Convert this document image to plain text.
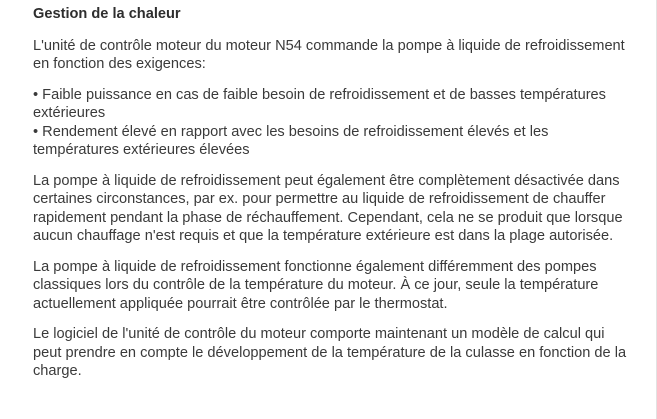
Gestion de la chaleur
L'unité de contrôle moteur du moteur N54 commande la pompe à liquide de refroidissement en fonction des exigences:
• Faible puissance en cas de faible besoin de refroidissement et de basses températures extérieures
• Rendement élevé en rapport avec les besoins de refroidissement élevés et les températures extérieures élevées
La pompe à liquide de refroidissement peut également être complètement désactivée dans certaines circonstances, par ex. pour permettre au liquide de refroidissement de chauffer rapidement pendant la phase de réchauffement. Cependant, cela ne se produit que lorsque aucun chauffage n'est requis et que la température extérieure est dans la plage autorisée.
La pompe à liquide de refroidissement fonctionne également différemment des pompes classiques lors du contrôle de la température du moteur. À ce jour, seule la température actuellement appliquée pourrait être contrôlée par le thermostat.
Le logiciel de l'unité de contrôle du moteur comporte maintenant un modèle de calcul qui peut prendre en compte le développement de la température de la culasse en fonction de la charge.
